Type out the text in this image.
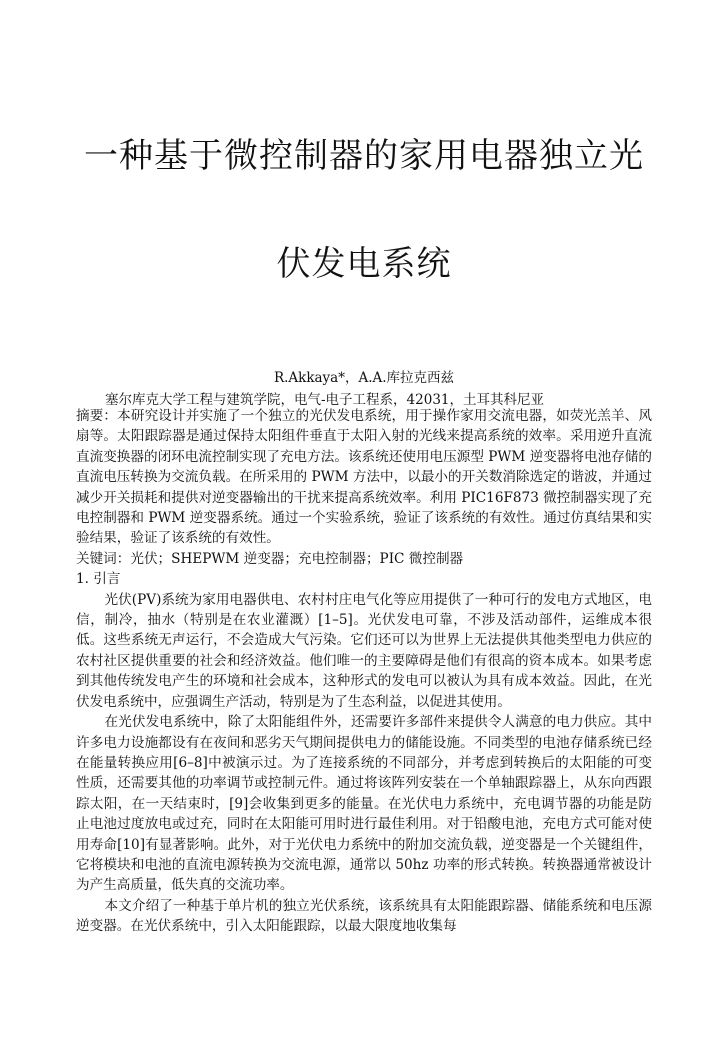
一种基于微控制器的家用电器独立光
伏发电系统
R.Akkaya*，A.A.库拉克西兹
塞尔库克大学工程与建筑学院，电气-电子工程系，42031，土耳其科尼亚

摘要：本研究设计并实施了一个独立的光伏发电系统，用于操作家用交流电器，如荧光羔羊、风扇等。太阳跟踪器是通过保持太阳组件垂直于太阳入射的光线来提高系统的效率。采用逆升直流直流变换器的闭环电流控制实现了充电方法。该系统还使用电压源型 PWM 逆变器将电池存储的直流电压转换为交流负载。在所采用的 PWM 方法中，以最小的开关数消除选定的谐波，并通过减少开关损耗和提供对逆变器输出的干扰来提高系统效率。利用 PIC16F873 微控制器实现了充电控制器和 PWM 逆变器系统。通过一个实验系统，验证了该系统的有效性。通过仿真结果和实验结果，验证了该系统的有效性。

关键词：光伏；SHEPWM 逆变器；充电控制器；PIC 微控制器

1. 引言

光伏(PV)系统为家用电器供电、农村村庄电气化等应用提供了一种可行的发电方式地区，电信，制冷，抽水（特别是在农业灌溉）[1–5]。光伏发电可靠，不涉及活动部件，运维成本很低。这些系统无声运行，不会造成大气污染。它们还可以为世界上无法提供其他类型电力供应的农村社区提供重要的社会和经济效益。他们唯一的主要障碍是他们有很高的资本成本。如果考虑到其他传统发电产生的环境和社会成本，这种形式的发电可以被认为具有成本效益。因此，在光伏发电系统中，应强调生产活动，特别是为了生态利益，以促进其使用。

在光伏发电系统中，除了太阳能组件外，还需要许多部件来提供令人满意的电力供应。其中许多电力设施都设有在夜间和恶劣天气期间提供电力的储能设施。不同类型的电池存储系统已经在能量转换应用[6–8]中被演示过。为了连接系统的不同部分，并考虑到转换后的太阳能的可变性质，还需要其他的功率调节或控制元件。通过将该阵列安装在一个单轴跟踪器上，从东向西跟踪太阳，在一天结束时，[9]会收集到更多的能量。在光伏电力系统中，充电调节器的功能是防止电池过度放电或过充，同时在太阳能可用时进行最佳利用。对于铅酸电池，充电方式可能对使用寿命[10]有显著影响。此外，对于光伏电力系统中的附加交流负载，逆变器是一个关键组件，它将模块和电池的直流电源转换为交流电源，通常以 50hz 功率的形式转换。转换器通常被设计为产生高质量，低失真的交流功率。

本文介绍了一种基于单片机的独立光伏系统，该系统具有太阳能跟踪器、储能系统和电压源逆变器。在光伏系统中，引入太阳能跟踪，以最大限度地收集每
